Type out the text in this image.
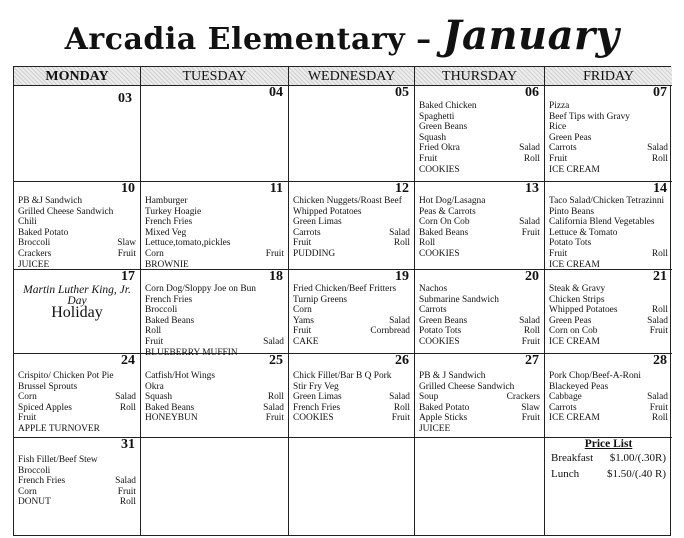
Arcadia Elementary – January
MONDAY	TUESDAY	WEDNESDAY	THURSDAY	FRIDAY
03	04	05	06
Baked Chicken
Spaghetti
Green Beans
Squash
Fried Okra	Salad
Fruit	Roll
COOKIES
07
Pizza
Beef Tips with Gravy
Rice
Green Peas
Carrots	Salad
Fruit	Roll
ICE CREAM
10
PB &J Sandwich
Grilled Cheese Sandwich
Chili
Baked Potato
Broccoli	Slaw
Crackers	Fruit
JUICEE
11
Hamburger
Turkey Hoagie
French Fries
Mixed Veg
Lettuce,tomato,pickles
Corn	Fruit
BROWNIE
12
Chicken Nuggets/Roast Beef
Whipped Potatoes
Green Limas
Carrots	Salad
Fruit	Roll
PUDDING
13
Hot Dog/Lasagna
Peas & Carrots
Corn On Cob	Salad
Baked Beans	Fruit
Roll
COOKIES
14
Taco Salad/Chicken Tetrazinni
Pinto Beans
California Blend Vegetables
Lettuce & Tomato
Potato Tots
Fruit	Roll
ICE CREAM
17
Martin Luther King, Jr. Day
Holiday
18
Corn Dog/Sloppy Joe on Bun
French Fries
Broccoli
Baked Beans
Roll
Fruit	Salad
BLUEBERRY MUFFIN
19
Fried Chicken/Beef Fritters
Turnip Greens
Corn
Yams	Salad
Fruit	Cornbread
CAKE
20
Nachos
Submarine Sandwich
Carrots
Green Beans	Salad
Potato Tots	Roll
COOKIES	Fruit
21
Steak & Gravy
Chicken Strips
Whipped Potatoes	Roll
Green Peas	Salad
Corn on Cob	Fruit
ICE CREAM
24
Crispito/ Chicken Pot Pie
Brussel Sprouts
Corn	Salad
Spiced Apples	Roll
Fruit
APPLE TURNOVER
25
Catfish/Hot Wings
Okra
Squash	Roll
Baked Beans	Salad
HONEYBUN	Fruit
26
Chick Fillet/Bar B Q Pork
Stir Fry Veg
Green Limas	Salad
French Fries	Roll
COOKIES	Fruit
27
PB & J Sandwich
Grilled Cheese Sandwich
Soup	Crackers
Baked Potato	Slaw
Apple Sticks	Fruit
JUICEE
28
Pork Chop/Beef-A-Roni
Blackeyed Peas
Cabbage	Salad
Carrots	Fruit
ICE CREAM	Roll
31
Fish Fillet/Beef Stew
Broccoli
French Fries	Salad
Corn	Fruit
DONUT	Roll
Price List
Breakfast $1.00/(.30R)
Lunch	$1.50/(.40 R)
